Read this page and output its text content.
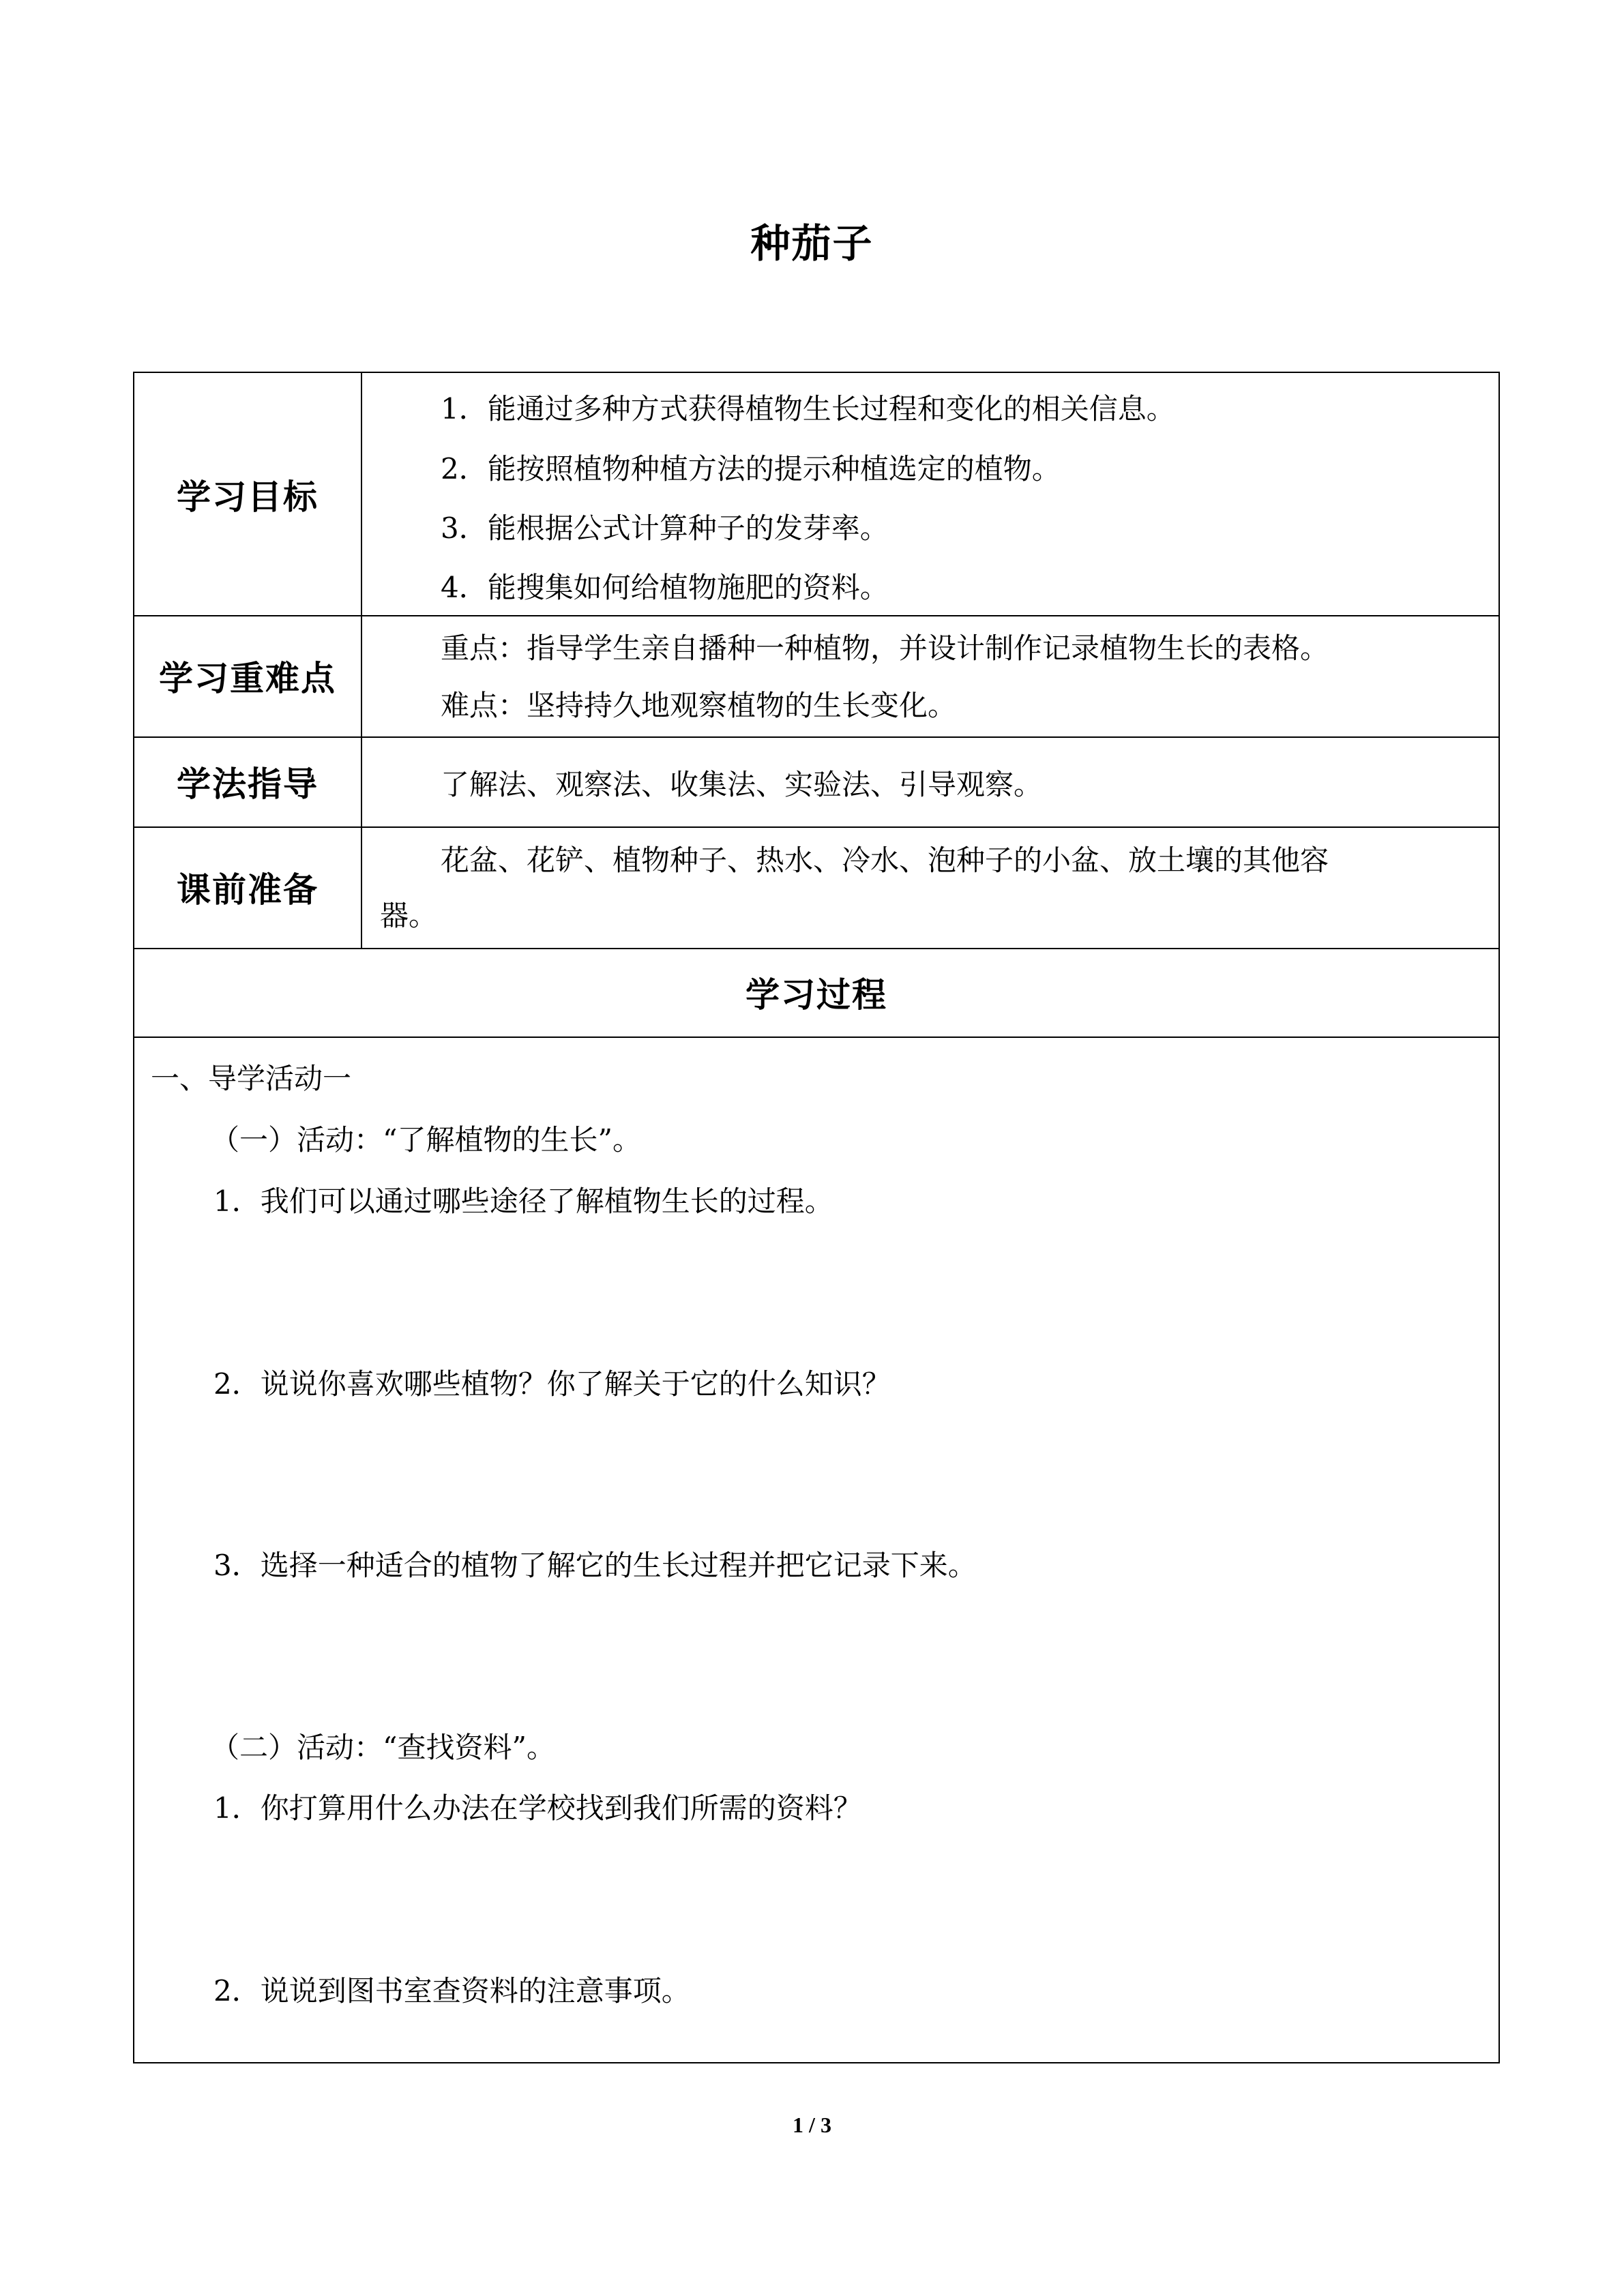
种茄子
学习目标
1．能通过多种方式获得植物生长过程和变化的相关信息。
2．能按照植物种植方法的提示种植选定的植物。
3．能根据公式计算种子的发芽率。
4．能搜集如何给植物施肥的资料。
学习重难点
重点：指导学生亲自播种一种植物，并设计制作记录植物生长的表格。
难点：坚持持久地观察植物的生长变化。
学法指导	了解法、观察法、收集法、实验法、引导观察。
课前准备
花盆、花铲、植物种子、热水、冷水、泡种子的小盆、放土壤的其他容
器。
学习过程
一、导学活动一
（一）活动：“了解植物的生长”。
1．我们可以通过哪些途径了解植物生长的过程。
2．说说你喜欢哪些植物？你了解关于它的什么知识？
3．选择一种适合的植物了解它的生长过程并把它记录下来。
（二）活动：“查找资料”。
1．你打算用什么办法在学校找到我们所需的资料？
2．说说到图书室查资料的注意事项。
1 / 3
